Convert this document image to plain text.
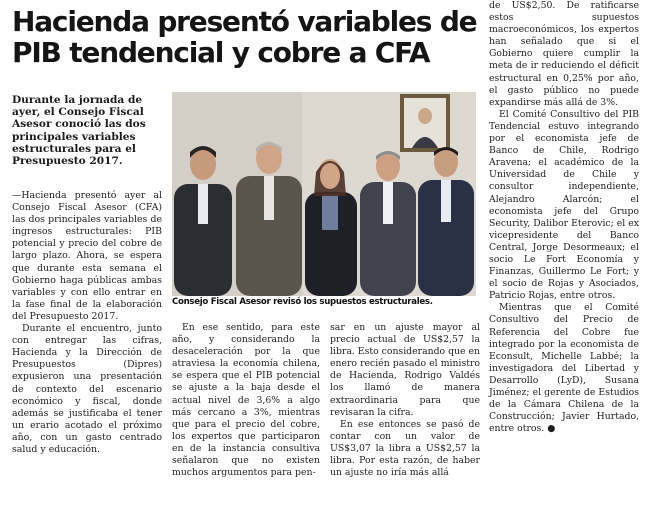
Hacienda presentó variables de PIB tendencial y cobre a CFA
Durante la jornada de ayer, el Consejo Fiscal Asesor conoció las dos principales variables estructurales para el Presupuesto 2017.
Consejo Fiscal Asesor revisó los supuestos estructurales.

—Hacienda presentó ayer al Consejo Fiscal Asesor (CFA) las dos principales variables de ingresos estructurales: PIB potencial y precio del cobre de largo plazo. Ahora, se espera que durante esta semana el Gobierno haga públicas ambas variables y con ello entrar en la fase final de la elaboración del Presupuesto 2017.

Durante el encuentro, junto con entregar las cifras, Hacienda y la Dirección de Presupuestos (Dipres) expusieron una presentación de contexto del escenario económico y fiscal, donde además se justificaba el tener un erario acotado el próximo año, con un gasto centrado salud y educación.

En ese sentido, para este año, y considerando la desaceleración por la que atraviesa la economía chilena, se espera que el PIB potencial se ajuste a la baja desde el actual nivel de 3,6% a algo más cercano a 3%, mientras que para el precio del cobre, los expertos que participaron en de la instancia consultiva señalaron que no existen muchos argumentos para pen-

sar en un ajuste mayor al precio actual de US$2,57 la libra. Esto considerando que en enero recién pasado el ministro de Hacienda, Rodrigo Valdés los llamó de manera extraordinaria para que revisaran la cifra.

En ese entonces se pasó de contar con un valor de US$3,07 la libra a US$2,57 la libra. Por esta razón, de haber un ajuste no iría más allá

de US$2,50. De ratificarse estos supuestos macroeconómicos, los expertos han señalado que si el Gobierno quiere cumplir la meta de ir reduciendo el déficit estructural en 0,25% por año, el gasto público no puede expandirse más allá de 3%.

El Comité Consultivo del PIB Tendencial estuvo integrando por el economista jefe de Banco de Chile, Rodrigo Aravena; el académico de la Universidad de Chile y consultor independiente, Alejandro Alarcón; el economista jefe del Grupo Security, Dalibor Eterovic; el ex vicepresidente del Banco Central, Jorge Desormeaux; el socio Le Fort Economía y Finanzas, Guillermo Le Fort; y el socio de Rojas y Asociados, Patricio Rojas, entre otros.

Mientras que el Comité Consultivo del Precio de Referencia del Cobre fue integrado por la economista de Econsult, Michelle Labbé; la investigadora del Libertad y Desarrollo (LyD), Susana Jiménez; el gerente de Estudios de la Cámara Chilena de la Construcción; Javier Hurtado, entre otros. ●
